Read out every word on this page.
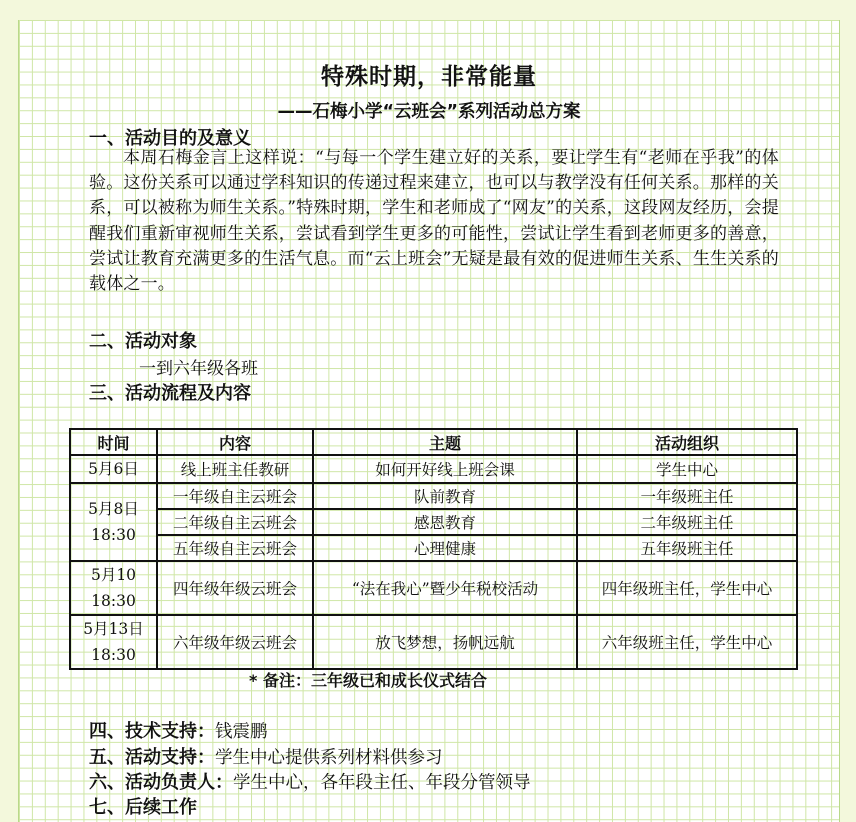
特殊时期，非常能量
——石梅小学“云班会”系列活动总方案
一、活动目的及意义
本周石梅金言上这样说：“与每一个学生建立好的关系，要让学生有“老师在乎我”的体验。这份关系可以通过学科知识的传递过程来建立，也可以与教学没有任何关系。那样的关系，可以被称为师生关系。”特殊时期，学生和老师成了“网友”的关系，这段网友经历，会提醒我们重新审视师生关系，尝试看到学生更多的可能性，尝试让学生看到老师更多的善意，尝试让教育充满更多的生活气息。而“云上班会”无疑是最有效的促进师生关系、生生关系的载体之一。
二、活动对象
一到六年级各班
三、活动流程及内容
时间	内容	主题	活动组织
5月6日	线上班主任教研	如何开好线上班会课	学生中心
5月8日
18:30	一年级自主云班会	队前教育	一年级班主任
	二年级自主云班会	感恩教育	二年级班主任
	五年级自主云班会	心理健康	五年级班主任
5月10
18:30	四年级年级云班会	“法在我心”暨少年税校活动	四年级班主任，学生中心
5月13日
18:30	六年级年级云班会	放飞梦想，扬帆远航	六年级班主任，学生中心
* 备注：三年级已和成长仪式结合
四、技术支持：钱震鹏
五、活动支持：学生中心提供系列材料供参习
六、活动负责人：学生中心，各年段主任、年段分管领导
七、后续工作
